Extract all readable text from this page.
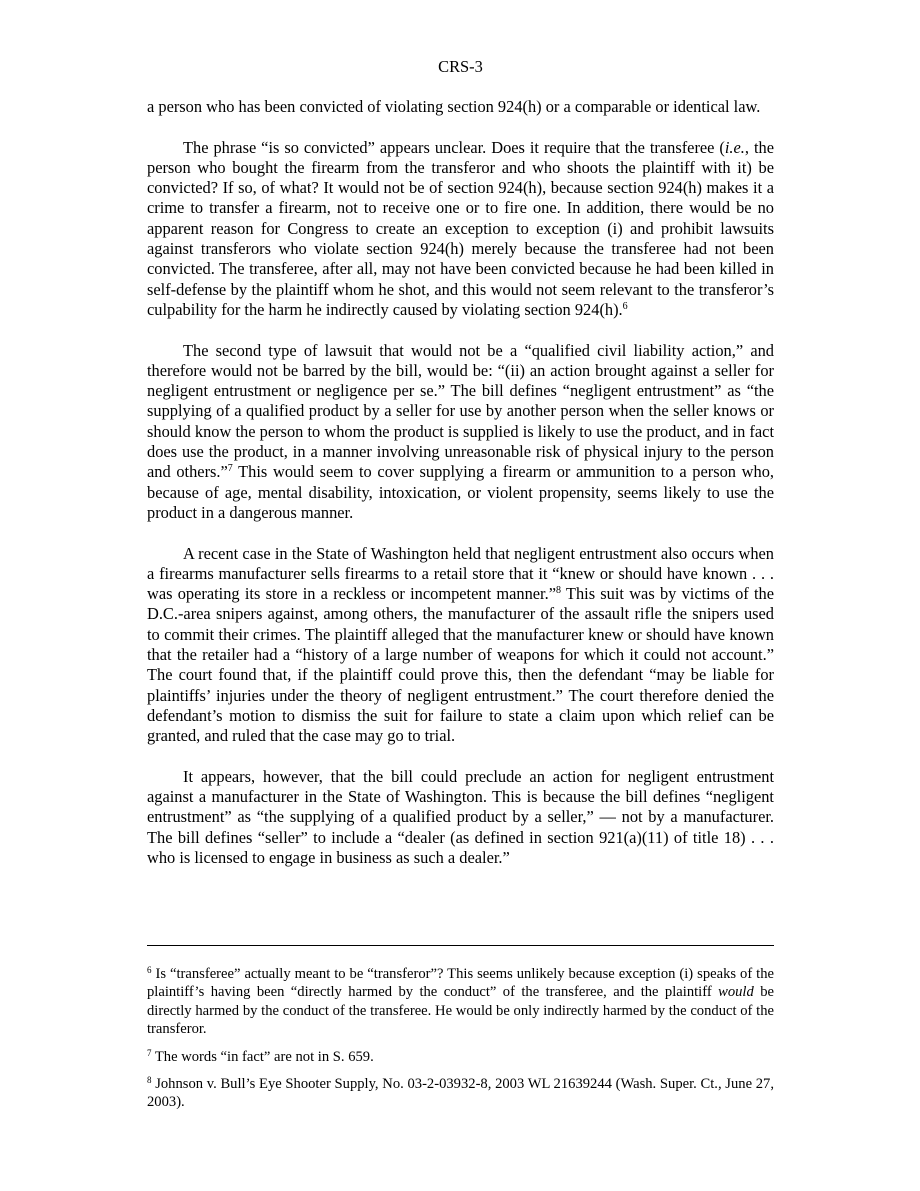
CRS-3

a person who has been convicted of violating section 924(h) or a comparable or identical law.

The phrase “is so convicted” appears unclear. Does it require that the transferee (i.e., the person who bought the firearm from the transferor and who shoots the plaintiff with it) be convicted? If so, of what? It would not be of section 924(h), because section 924(h) makes it a crime to transfer a firearm, not to receive one or to fire one. In addition, there would be no apparent reason for Congress to create an exception to exception (i) and prohibit lawsuits against transferors who violate section 924(h) merely because the transferee had not been convicted. The transferee, after all, may not have been convicted because he had been killed in self-defense by the plaintiff whom he shot, and this would not seem relevant to the transferor’s culpability for the harm he indirectly caused by violating section 924(h).$^6$

The second type of lawsuit that would not be a “qualified civil liability action,” and therefore would not be barred by the bill, would be: “(ii) an action brought against a seller for negligent entrustment or negligence per se.” The bill defines “negligent entrustment” as “the supplying of a qualified product by a seller for use by another person when the seller knows or should know the person to whom the product is supplied is likely to use the product, and in fact does use the product, in a manner involving unreasonable risk of physical injury to the person and others.”$^7$ This would seem to cover supplying a firearm or ammunition to a person who, because of age, mental disability, intoxication, or violent propensity, seems likely to use the product in a dangerous manner.

A recent case in the State of Washington held that negligent entrustment also occurs when a firearms manufacturer sells firearms to a retail store that it “knew or should have known . . . was operating its store in a reckless or incompetent manner.”$^8$ This suit was by victims of the D.C.-area snipers against, among others, the manufacturer of the assault rifle the snipers used to commit their crimes. The plaintiff alleged that the manufacturer knew or should have known that the retailer had a “history of a large number of weapons for which it could not account.” The court found that, if the plaintiff could prove this, then the defendant “may be liable for plaintiffs’ injuries under the theory of negligent entrustment.” The court therefore denied the defendant’s motion to dismiss the suit for failure to state a claim upon which relief can be granted, and ruled that the case may go to trial.

It appears, however, that the bill could preclude an action for negligent entrustment against a manufacturer in the State of Washington. This is because the bill defines “negligent entrustment” as “the supplying of a qualified product by a seller,” — not by a manufacturer. The bill defines “seller” to include a “dealer (as defined in section 921(a)(11) of title 18) . . . who is licensed to engage in business as such a dealer.”

$^6$ Is “transferee” actually meant to be “transferor”? This seems unlikely because exception (i) speaks of the plaintiff’s having been “directly harmed by the conduct” of the transferee, and the plaintiff would be directly harmed by the conduct of the transferee. He would be only indirectly harmed by the conduct of the transferor.

$^7$ The words “in fact” are not in S. 659.

$^8$ Johnson v. Bull’s Eye Shooter Supply, No. 03-2-03932-8, 2003 WL 21639244 (Wash. Super. Ct., June 27, 2003).
